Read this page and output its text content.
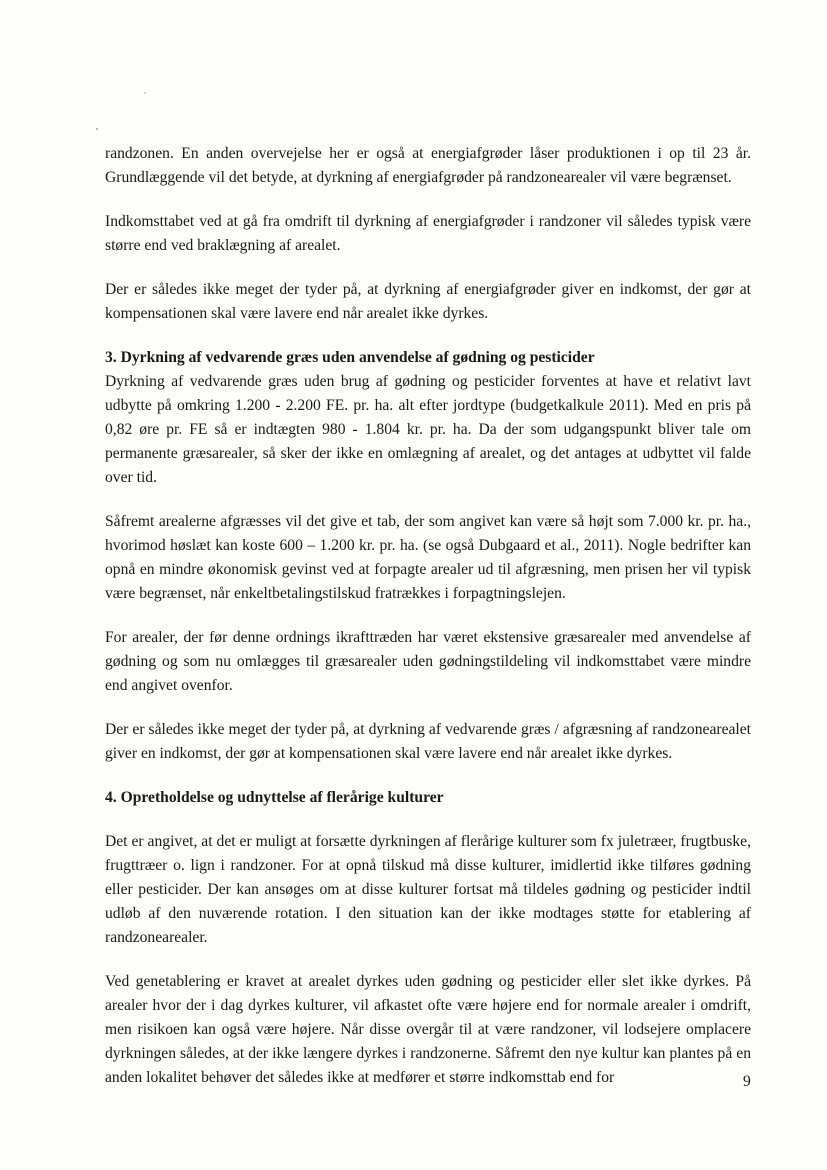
randzonen. En anden overvejelse her er også at energiafgrøder låser produktionen i op til 23 år. Grundlæggende vil det betyde, at dyrkning af energiafgrøder på randzonearealer vil være begrænset.

Indkomsttabet ved at gå fra omdrift til dyrkning af energiafgrøder i randzoner vil således typisk være større end ved braklægning af arealet.

Der er således ikke meget der tyder på, at dyrkning af energiafgrøder giver en indkomst, der gør at kompensationen skal være lavere end når arealet ikke dyrkes.

3. Dyrkning af vedvarende græs uden anvendelse af gødning og pesticider

Dyrkning af vedvarende græs uden brug af gødning og pesticider forventes at have et relativt lavt udbytte på omkring 1.200 - 2.200 FE. pr. ha. alt efter jordtype (budgetkalkule 2011). Med en pris på 0,82 øre pr. FE så er indtægten 980 - 1.804 kr. pr. ha. Da der som udgangspunkt bliver tale om permanente græsarealer, så sker der ikke en omlægning af arealet, og det antages at udbyttet vil falde over tid.

Såfremt arealerne afgræsses vil det give et tab, der som angivet kan være så højt som 7.000 kr. pr. ha., hvorimod høslæt kan koste 600 – 1.200 kr. pr. ha. (se også Dubgaard et al., 2011). Nogle bedrifter kan opnå en mindre økonomisk gevinst ved at forpagte arealer ud til afgræsning, men prisen her vil typisk være begrænset, når enkeltbetalingstilskud fratrækkes i forpagtningslejen.

For arealer, der før denne ordnings ikrafttræden har været ekstensive græsarealer med anvendelse af gødning og som nu omlægges til græsarealer uden gødningstildeling vil indkomsttabet være mindre end angivet ovenfor.

Der er således ikke meget der tyder på, at dyrkning af vedvarende græs / afgræsning af randzonearealet giver en indkomst, der gør at kompensationen skal være lavere end når arealet ikke dyrkes.

4. Opretholdelse og udnyttelse af flerårige kulturer

Det er angivet, at det er muligt at forsætte dyrkningen af flerårige kulturer som fx juletræer, frugtbuske, frugttræer o. lign i randzoner. For at opnå tilskud må disse kulturer, imidlertid ikke tilføres gødning eller pesticider. Der kan ansøges om at disse kulturer fortsat må tildeles gødning og pesticider indtil udløb af den nuværende rotation. I den situation kan der ikke modtages støtte for etablering af randzonearealer.

Ved genetablering er kravet at arealet dyrkes uden gødning og pesticider eller slet ikke dyrkes. På arealer hvor der i dag dyrkes kulturer, vil afkastet ofte være højere end for normale arealer i omdrift, men risikoen kan også være højere. Når disse overgår til at være randzoner, vil lodsejere omplacere dyrkningen således, at der ikke længere dyrkes i randzonerne. Såfremt den nye kultur kan plantes på en anden lokalitet behøver det således ikke at medfører et større indkomsttab end for	9
